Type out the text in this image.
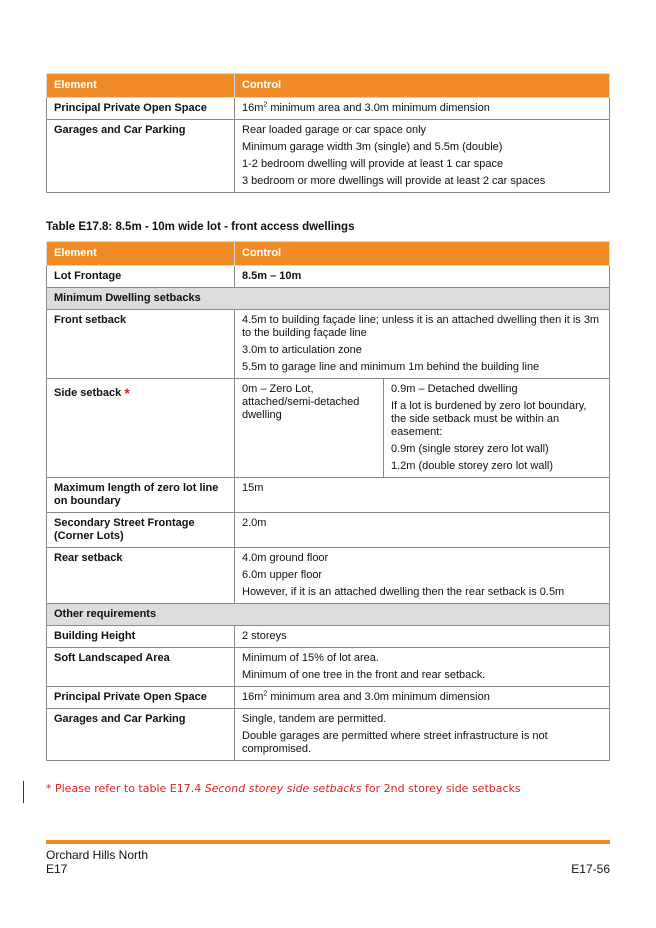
Element	Control
Principal Private Open Space	$16m^2$ minimum area and 3.0m minimum dimension
Garages and Car Parking	Rear loaded garage or car space only
Minimum garage width 3m (single) and 5.5m (double)
1-2 bedroom dwelling will provide at least 1 car space
3 bedroom or more dwellings will provide at least 2 car spaces
Table E17.8: 8.5m - 10m wide lot - front access dwellings
Element	Control	
Lot Frontage	8.5m – 10m	
Minimum Dwelling setbacks		
Front setback	4.5m to building façade line; unless it is an attached dwelling then it is 3m to the building façade line
3.0m to articulation zone
5.5m to garage line and minimum 1m behind the building line	

Side setback *	0m – Zero Lot, attached/semi-detached dwelling	0.9m – Detached dwelling
If a lot is burdened by zero lot boundary, the side setback must be within an easement:
0.9m (single storey zero lot wall)
1.2m (double storey zero lot wall)

Maximum length of zero lot line on boundary	15m	
Secondary Street Frontage (Corner Lots)	2.0m	
Rear setback	4.0m ground floor
6.0m upper floor
However, if it is an attached dwelling then the rear setback is 0.5m	

Other requirements		
Building Height	2 storeys	
Soft Landscaped Area	Minimum of 15% of lot area.
Minimum of one tree in the front and rear setback.	

Principal Private Open Space	$16m^2$ minimum area and 3.0m minimum dimension	
Garages and Car Parking	Single, tandem are permitted.
Double garages are permitted where street infrastructure is not compromised.	
* Please refer to table E17.4 Second storey side setbacks for 2nd storey side setbacks
Orchard Hills North
E17	E17-56
